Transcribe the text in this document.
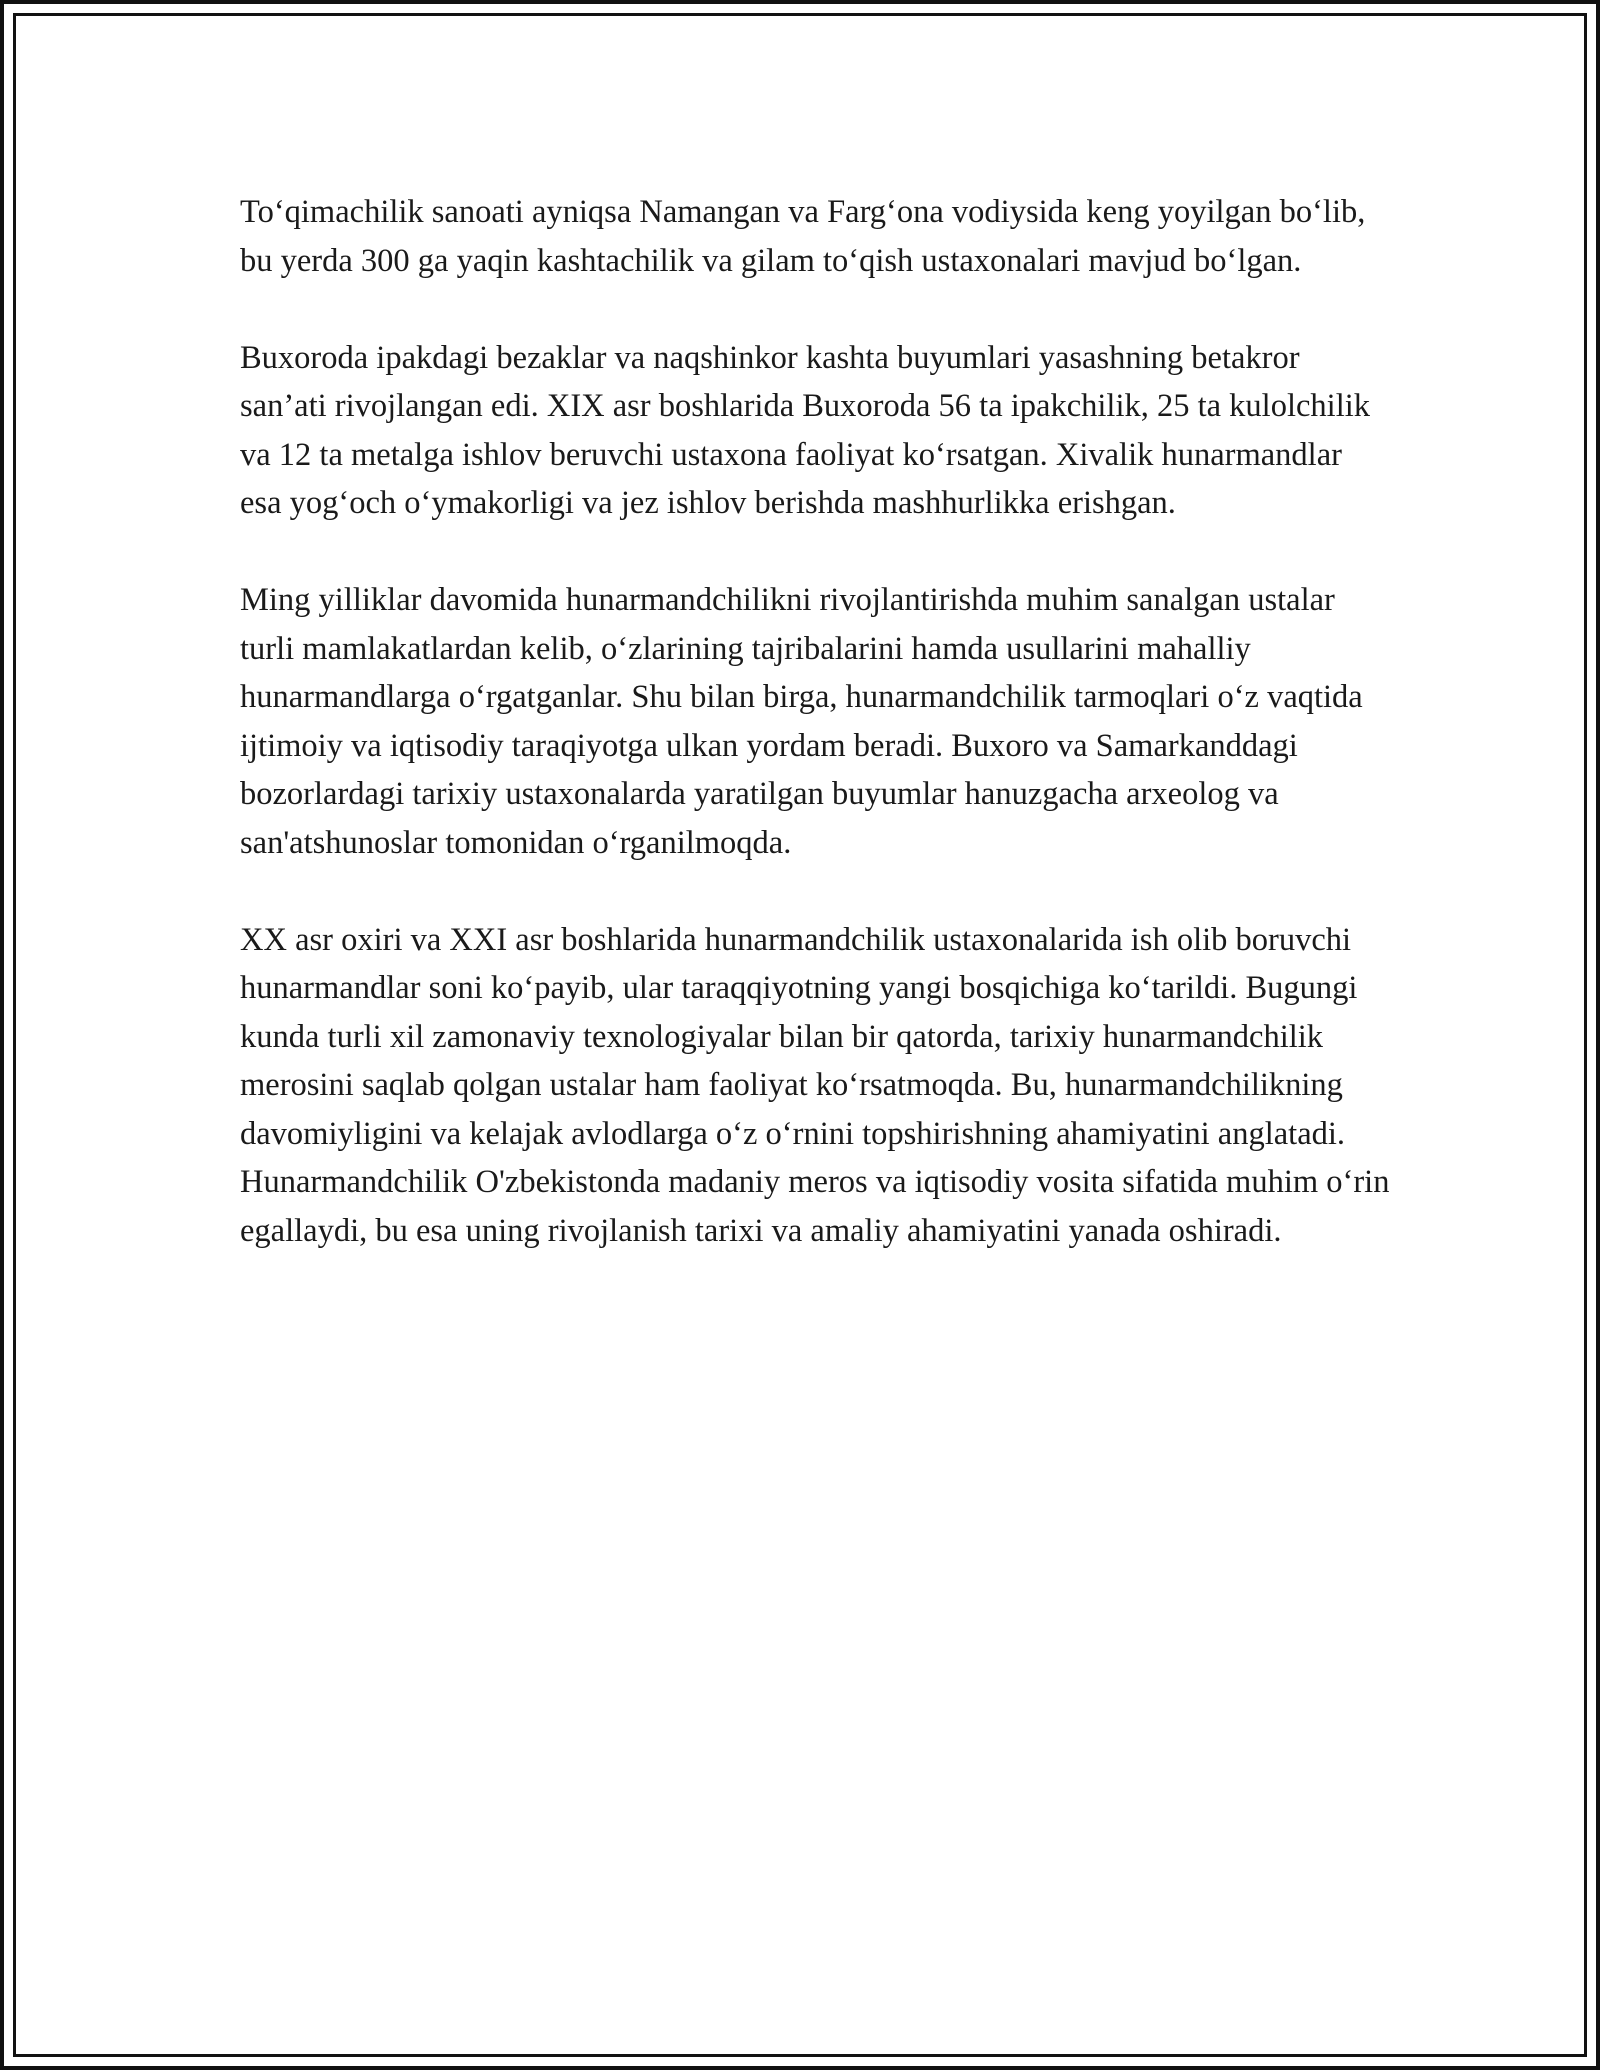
To‘qimachilik sanoati ayniqsa Namangan va Farg‘ona vodiysida keng yoyilgan bo‘lib, bu yerda 300 ga yaqin kashtachilik va gilam to‘qish ustaxonalari mavjud bo‘lgan.

Buxoroda ipakdagi bezaklar va naqshinkor kashta buyumlari yasashning betakror san’ati rivojlangan edi. XIX asr boshlarida Buxoroda 56 ta ipakchilik, 25 ta kulolchilik va 12 ta metalga ishlov beruvchi ustaxona faoliyat ko‘rsatgan. Xivalik hunarmandlar esa yog‘och o‘ymakorligi va jez ishlov berishda mashhurlikka erishgan.

Ming yilliklar davomida hunarmandchilikni rivojlantirishda muhim sanalgan ustalar turli mamlakatlardan kelib, o‘zlarining tajribalarini hamda usullarini mahalliy hunarmandlarga o‘rgatganlar. Shu bilan birga, hunarmandchilik tarmoqlari o‘z vaqtida ijtimoiy va iqtisodiy taraqiyotga ulkan yordam beradi. Buxoro va Samarkanddagi bozorlardagi tarixiy ustaxonalarda yaratilgan buyumlar hanuzgacha arxeolog va san'atshunoslar tomonidan o‘rganilmoqda.

XX asr oxiri va XXI asr boshlarida hunarmandchilik ustaxonalarida ish olib boruvchi hunarmandlar soni ko‘payib, ular taraqqiyotning yangi bosqichiga ko‘tarildi. Bugungi kunda turli xil zamonaviy texnologiyalar bilan bir qatorda, tarixiy hunarmandchilik merosini saqlab qolgan ustalar ham faoliyat ko‘rsatmoqda. Bu, hunarmandchilikning davomiyligini va kelajak avlodlarga o‘z o‘rnini topshirishning ahamiyatini anglatadi. Hunarmandchilik O'zbekistonda madaniy meros va iqtisodiy vosita sifatida muhim o‘rin egallaydi, bu esa uning rivojlanish tarixi va amaliy ahamiyatini yanada oshiradi.
